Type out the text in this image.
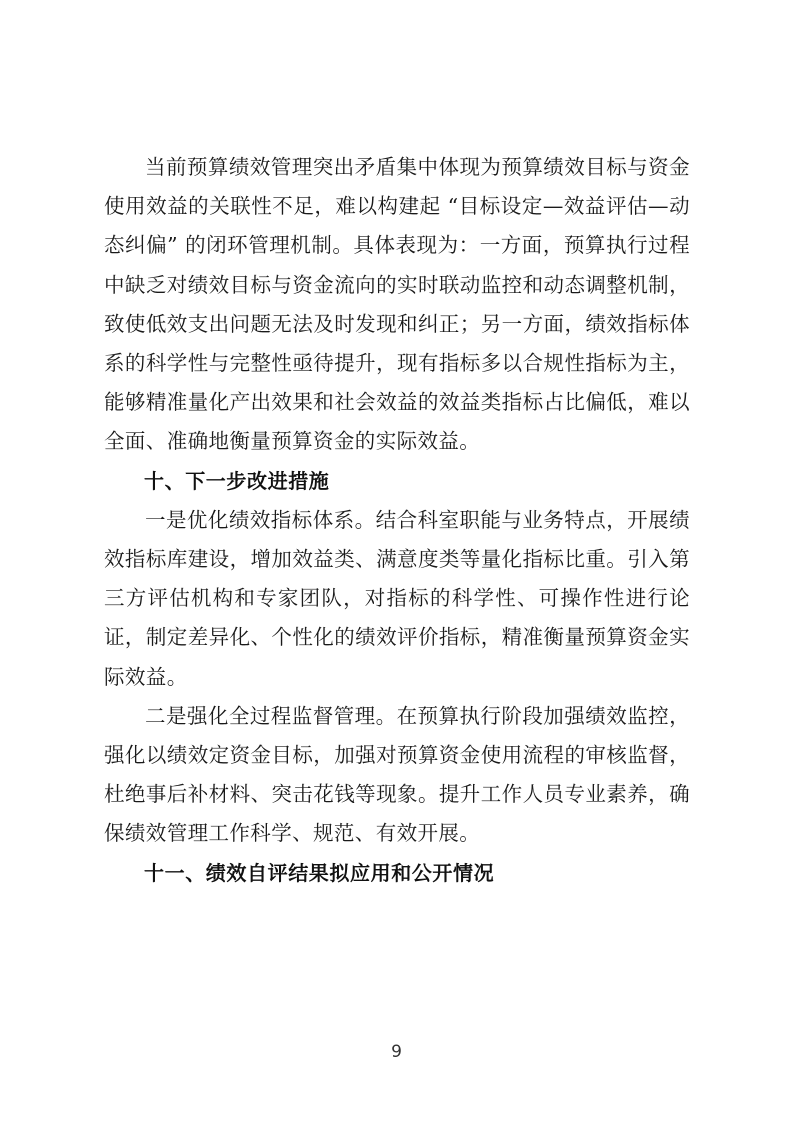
当前预算绩效管理突出矛盾集中体现为预算绩效目标与资金使用效益的关联性不足，难以构建起 “目标设定—效益评估—动态纠偏” 的闭环管理机制。具体表现为：一方面，预算执行过程中缺乏对绩效目标与资金流向的实时联动监控和动态调整机制，致使低效支出问题无法及时发现和纠正；另一方面，绩效指标体系的科学性与完整性亟待提升，现有指标多以合规性指标为主，能够精准量化产出效果和社会效益的效益类指标占比偏低，难以全面、准确地衡量预算资金的实际效益。

十、下一步改进措施

一是优化绩效指标体系。结合科室职能与业务特点，开展绩效指标库建设，增加效益类、满意度类等量化指标比重。引入第三方评估机构和专家团队，对指标的科学性、可操作性进行论证，制定差异化、个性化的绩效评价指标，精准衡量预算资金实际效益。

二是强化全过程监督管理。在预算执行阶段加强绩效监控，强化以绩效定资金目标，加强对预算资金使用流程的审核监督，杜绝事后补材料、突击花钱等现象。提升工作人员专业素养，确保绩效管理工作科学、规范、有效开展。

十一、绩效自评结果拟应用和公开情况

9
